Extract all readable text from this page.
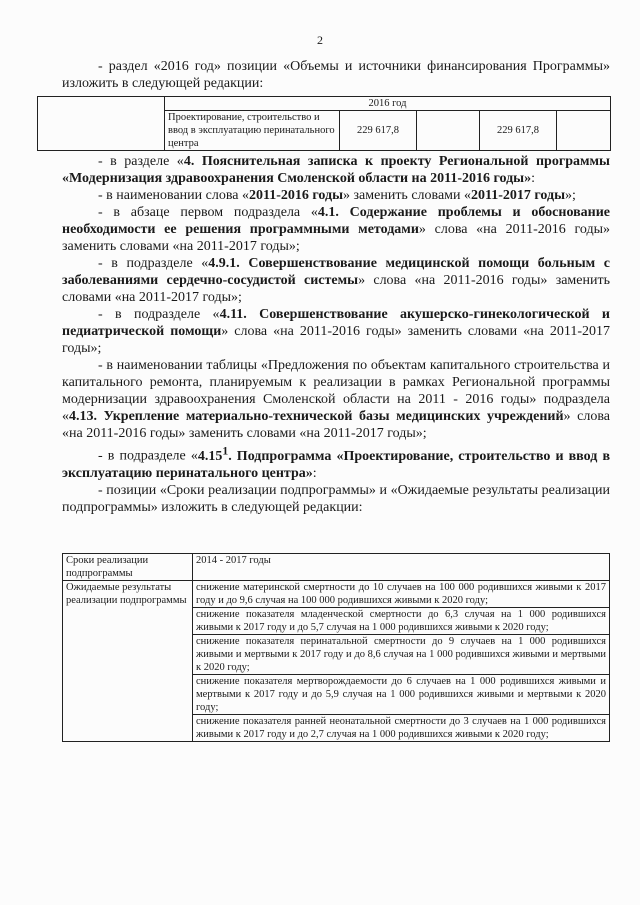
2

- раздел «2016 год» позиции «Объемы и источники финансирования Программы» изложить в следующей редакции:

	2016 год				
	Проектирование, строительство и ввод в эксплуатацию перинатального центра	229 617,8		229 617,8	

- в разделе «4. Пояснительная записка к проекту Региональной программы «Модернизация здравоохранения Смоленской области на 2011-2016 годы»:

- в наименовании слова «2011-2016 годы» заменить словами «2011-2017 годы»;

- в абзаце первом подраздела «4.1. Содержание проблемы и обоснование необходимости ее решения программными методами» слова «на 2011-2016 годы» заменить словами «на 2011-2017 годы»;

- в подразделе «4.9.1. Совершенствование медицинской помощи больным с заболеваниями сердечно-сосудистой системы» слова «на 2011-2016 годы» заменить словами «на 2011-2017 годы»;

- в подразделе «4.11. Совершенствование акушерско-гинекологической и педиатрической помощи» слова «на 2011-2016 годы» заменить словами «на 2011-2017 годы»;

- в наименовании таблицы «Предложения по объектам капитального строительства и капитального ремонта, планируемым к реализации в рамках Региональной программы модернизации здравоохранения Смоленской области на 2011 - 2016 годы» подраздела «4.13. Укрепление материально-технической базы медицинских учреждений» слова «на 2011-2016 годы» заменить словами «на 2011-2017 годы»;

- в подразделе «4.15$^1$. Подпрограмма «Проектирование, строительство и ввод в эксплуатацию перинатального центра»:

- позиции «Сроки реализации подпрограммы» и «Ожидаемые результаты реализации подпрограммы» изложить в следующей редакции:

Сроки реализации подпрограммы	2014 - 2017 годы
Ожидаемые результаты реализации подпрограммы	снижение материнской смертности до 10 случаев на 100 000 родившихся живыми к 2017 году и до 9,6 случая на 100 000 родившихся живыми к 2020 году;
снижение показателя младенческой смертности до 6,3 случая на 1 000 родившихся живыми к 2017 году и до 5,7 случая на 1 000 родившихся живыми к 2020 году;
снижение показателя перинатальной смертности до 9 случаев на 1 000 родившихся живыми и мертвыми к 2017 году и до 8,6 случая на 1 000 родившихся живыми и мертвыми к 2020 году;
снижение показателя мертворождаемости до 6 случаев на 1 000 родившихся живыми и мертвыми к 2017 году и до 5,9 случая на 1 000 родившихся живыми и мертвыми к 2020 году;
снижение показателя ранней неонатальной смертности до 3 случаев на 1 000 родившихся живыми к 2017 году и до 2,7 случая на 1 000 родившихся живыми к 2020 году;
